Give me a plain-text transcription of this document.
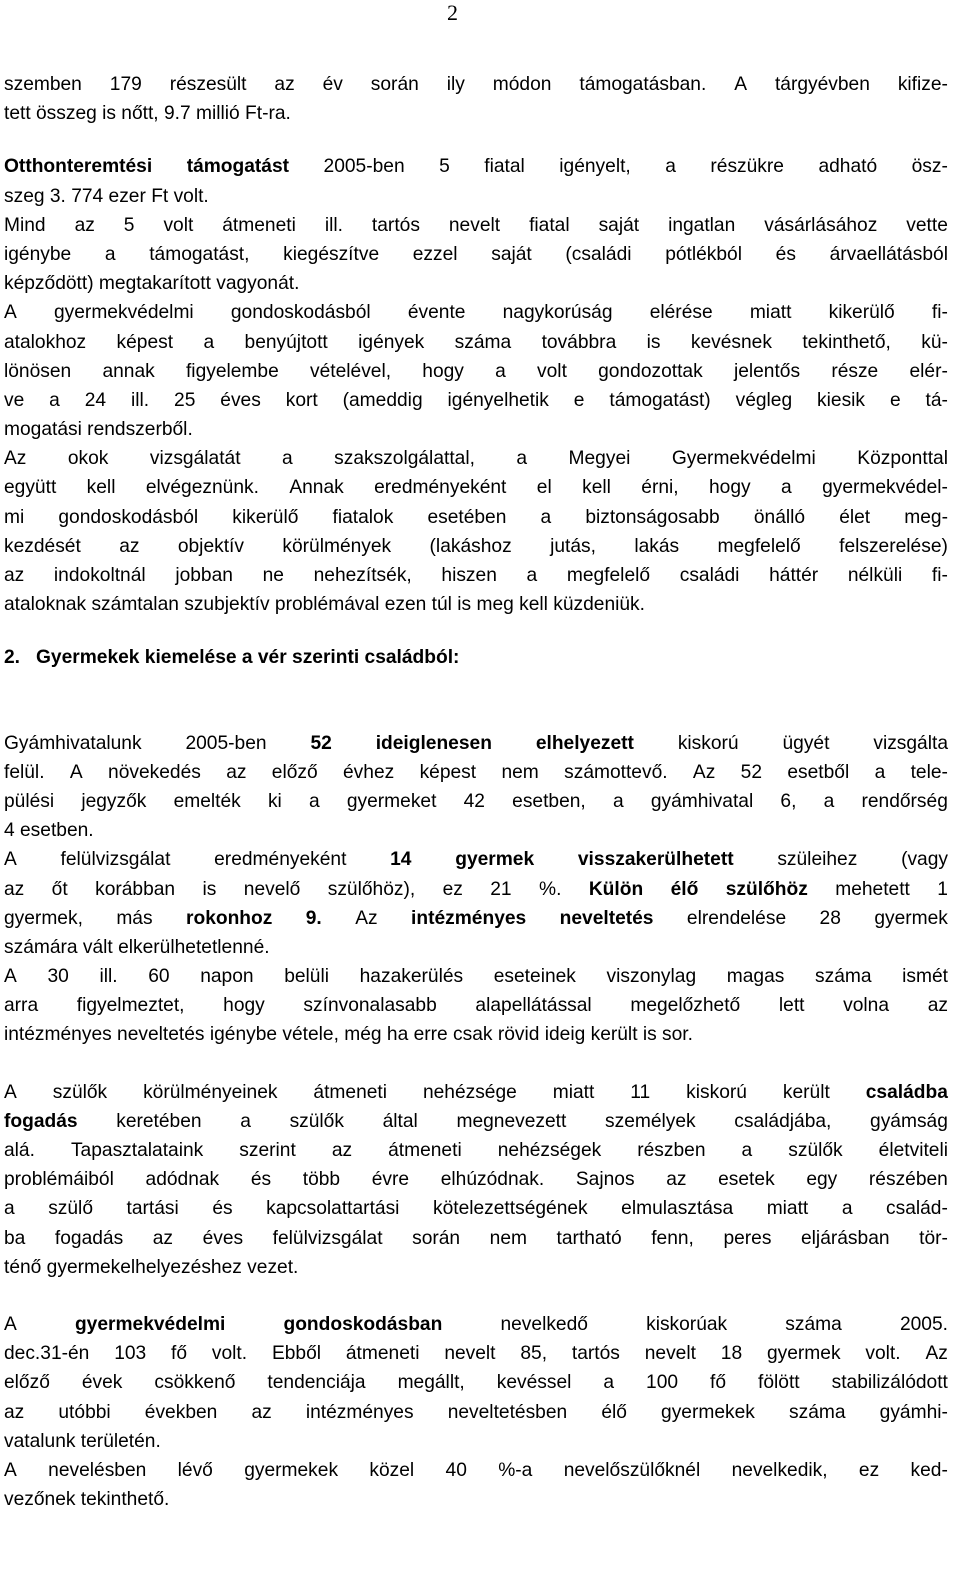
2
szemben 179 részesült az év során ily módon támogatásban. A tárgyévben kifize-
tett összeg is nőtt, 9.7 millió Ft-ra.
Otthonteremtési támogatást 2005-ben 5 fiatal igényelt, a részükre adható ösz-
szeg 3. 774 ezer Ft volt.
Mind az 5 volt átmeneti ill. tartós nevelt fiatal saját ingatlan vásárlásához vette
igénybe a támogatást, kiegészítve ezzel saját (családi pótlékból és árvaellátásból
képződött) megtakarított vagyonát.
A gyermekvédelmi gondoskodásból évente nagykorúság elérése miatt kikerülő fi-
atalokhoz képest a benyújtott igények száma továbbra is kevésnek tekinthető, kü-
lönösen annak figyelembe vételével, hogy a volt gondozottak jelentős része elér-
ve a 24 ill. 25 éves kort (ameddig igényelhetik e támogatást) végleg kiesik e tá-
mogatási rendszerből.
Az okok vizsgálatát a szakszolgálattal, a Megyei Gyermekvédelmi Központtal
együtt kell elvégeznünk. Annak eredményeként el kell érni, hogy a gyermekvédel-
mi gondoskodásból kikerülő fiatalok esetében a biztonságosabb önálló élet meg-
kezdését az objektív körülmények (lakáshoz jutás, lakás megfelelő felszerelése)
az indokoltnál jobban ne nehezítsék, hiszen a megfelelő családi háttér nélküli fi-
ataloknak számtalan szubjektív problémával ezen túl is meg kell küzdeniük.
2.   Gyermekek kiemelése a vér szerinti családból:
Gyámhivatalunk 2005-ben 52 ideiglenesen elhelyezett kiskorú ügyét vizsgálta
felül. A növekedés az előző évhez képest nem számottevő. Az 52 esetből a tele-
pülési jegyzők emelték ki a gyermeket 42 esetben, a gyámhivatal 6, a rendőrség
4 esetben.
A felülvizsgálat eredményeként 14 gyermek visszakerülhetett szüleihez (vagy
az őt korábban is nevelő szülőhöz), ez 21 %. Külön élő szülőhöz mehetett 1
gyermek, más rokonhoz 9. Az intézményes neveltetés elrendelése 28 gyermek
számára vált elkerülhetetlenné.
A 30 ill. 60 napon belüli hazakerülés eseteinek viszonylag magas száma ismét
arra figyelmeztet, hogy színvonalasabb alapellátással megelőzhető lett volna az
intézményes neveltetés igénybe vétele, még ha erre csak rövid ideig került is sor.
A szülők körülményeinek átmeneti nehézsége miatt 11 kiskorú került családba
fogadás keretében a szülők által megnevezett személyek családjába, gyámság
alá. Tapasztalataink szerint az átmeneti nehézségek részben a szülők életviteli
problémáiból adódnak és több évre elhúzódnak. Sajnos az esetek egy részében
a szülő tartási és kapcsolattartási kötelezettségének elmulasztása miatt a család-
ba fogadás az éves felülvizsgálat során nem tartható fenn, peres eljárásban tör-
ténő gyermekelhelyezéshez vezet.
A	gyermekvédelmi	gondoskodásban	nevelkedő	kiskorúak	száma	2005.
dec.31-én 103 fő volt. Ebből átmeneti nevelt 85, tartós nevelt 18 gyermek volt. Az
előző évek csökkenő tendenciája megállt, kevéssel a 100 fő fölött stabilizálódott
az utóbbi években az intézményes neveltetésben élő gyermekek száma gyámhi-
vatalunk területén.
A nevelésben lévő gyermekek közel 40 %-a nevelőszülőknél nevelkedik, ez ked-
vezőnek tekinthető.
